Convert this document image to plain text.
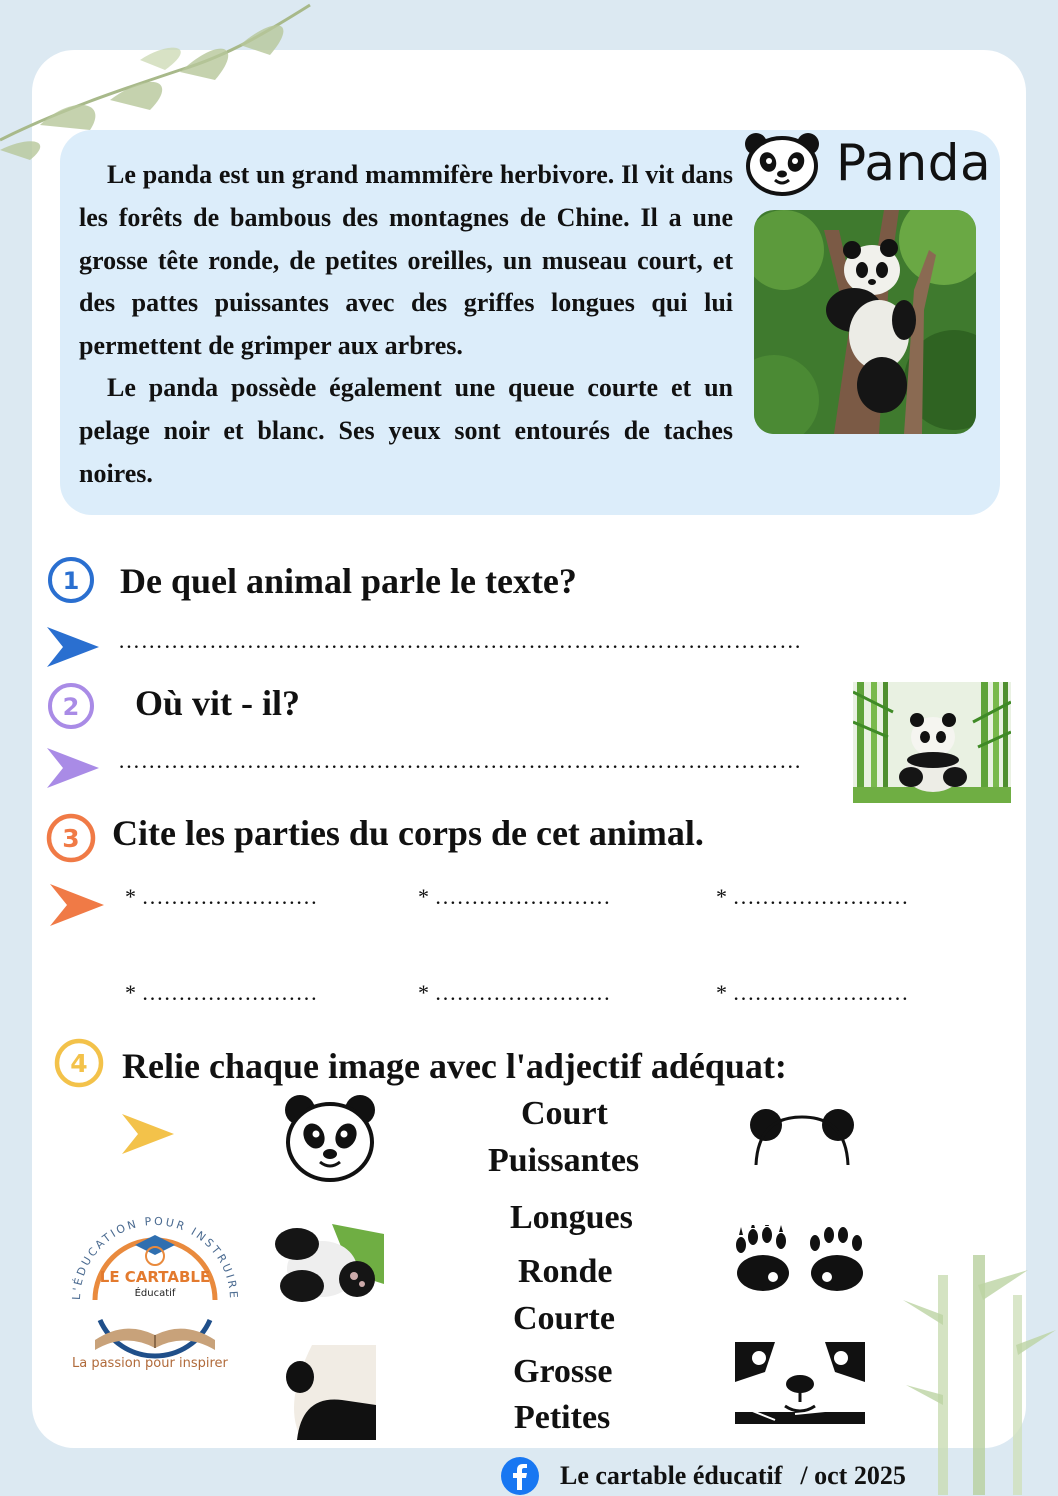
Le panda est un grand mammifère herbivore. Il vit dans les forêts de bambous des montagnes de Chine. Il a une grosse tête ronde, de petites oreilles, un museau court, et des pattes puissantes avec des griffes longues qui lui permettent de grimper aux arbres.

Le panda possède également une queue courte et un pelage noir et blanc. Ses yeux sont entourés de taches noires.

Panda
1 De quel animal parle le texte?

………………………………………………………………………………
2 Où vit - il?

………………………………………………………………………………
3 Cite les parties du corps de cet animal.

* ……………………	* ……………………	* ……………………
* ……………………	* ……………………	* ……………………
4 Relie chaque image avec l'adjectif adéquat:

Court
Puissantes
Longues
Ronde
Courte
Grosse
Petites
L'ÉDUCATION POUR INSTRUIRE
LE CARTABLE
Éducatif
La passion pour inspirer
Le cartable éducatif / oct 2025
